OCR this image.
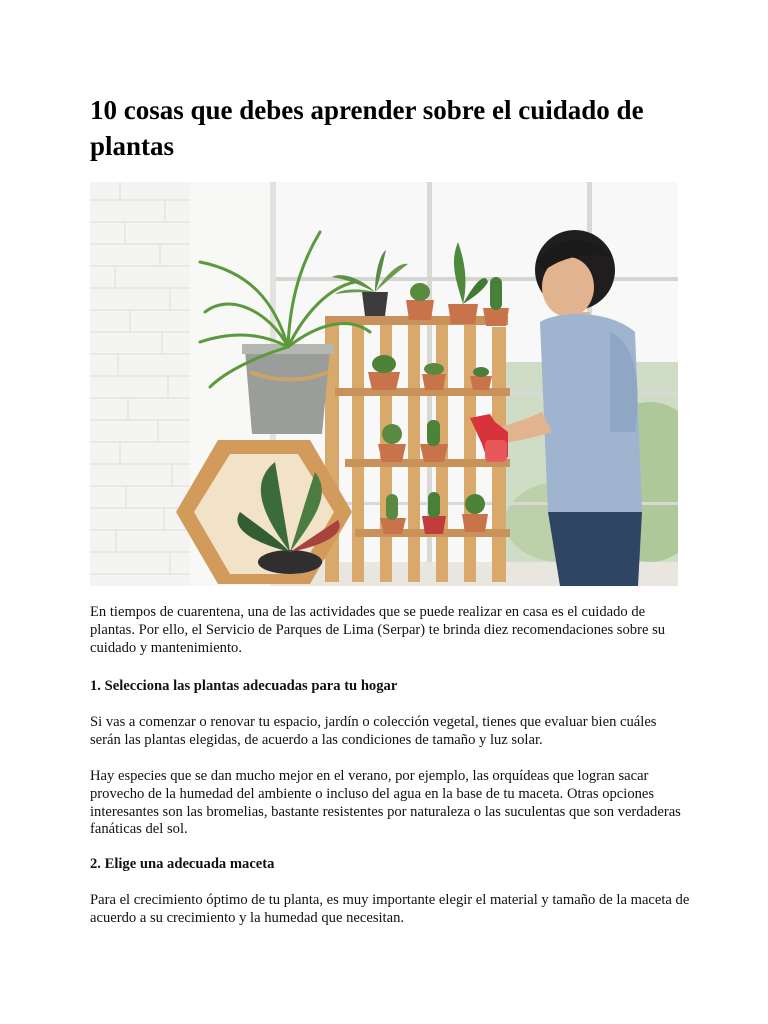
10 cosas que debes aprender sobre el cuidado de plantas

En tiempos de cuarentena, una de las actividades que se puede realizar en casa es el cuidado de plantas. Por ello, el Servicio de Parques de Lima (Serpar) te brinda diez recomendaciones sobre su cuidado y mantenimiento.

1. Selecciona las plantas adecuadas para tu hogar

Si vas a comenzar o renovar tu espacio, jardín o colección vegetal, tienes que evaluar bien cuáles serán las plantas elegidas, de acuerdo a las condiciones de tamaño y luz solar.

Hay especies que se dan mucho mejor en el verano, por ejemplo, las orquídeas que logran sacar provecho de la humedad del ambiente o incluso del agua en la base de tu maceta. Otras opciones interesantes son las bromelias, bastante resistentes por naturaleza o las suculentas que son verdaderas fanáticas del sol.

2. Elige una adecuada maceta

Para el crecimiento óptimo de tu planta, es muy importante elegir el material y tamaño de la maceta de acuerdo a su crecimiento y la humedad que necesitan.
